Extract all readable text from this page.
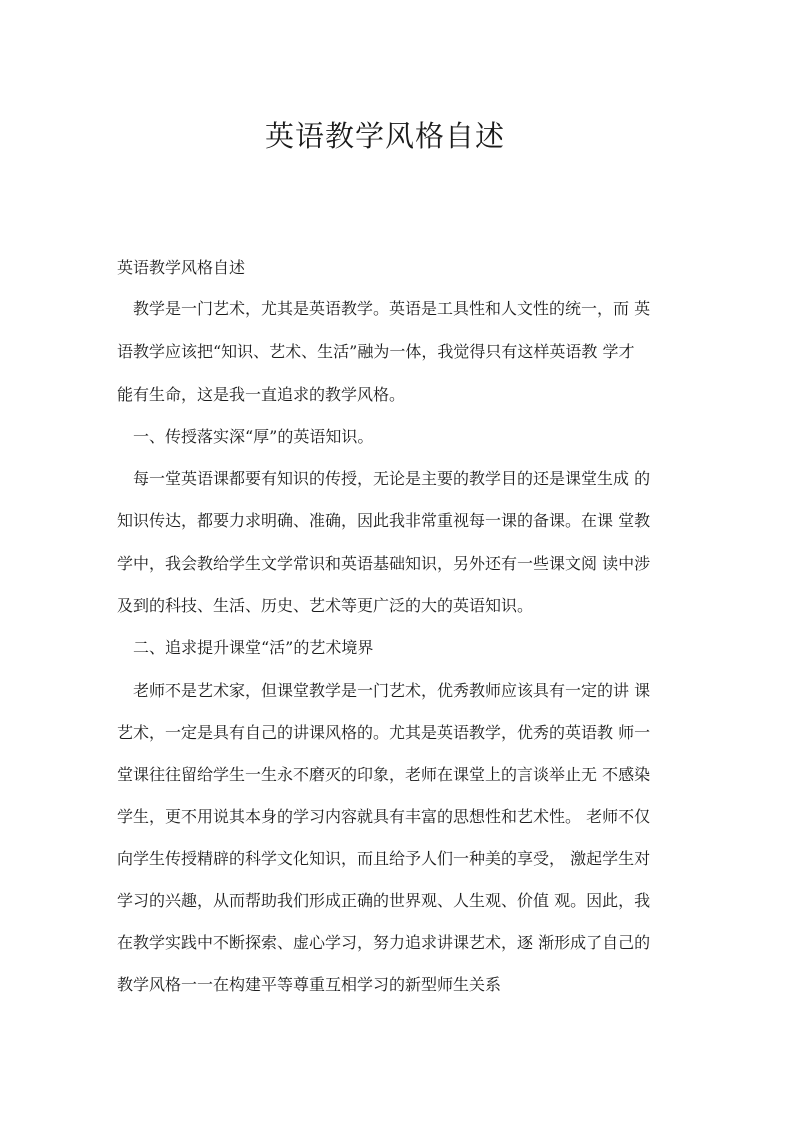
英语教学风格自述

英语教学风格自述

教学是一门艺术，尤其是英语教学。英语是工具性和人文性的统一，而 英

语教学应该把“知识、艺术、生活”融为一体，我觉得只有这样英语教 学才

能有生命，这是我一直追求的教学风格。

一、传授落实深“厚”的英语知识。

每一堂英语课都要有知识的传授，无论是主要的教学目的还是课堂生成 的

知识传达，都要力求明确、准确，因此我非常重视每一课的备课。在课 堂教

学中，我会教给学生文学常识和英语基础知识，另外还有一些课文阅 读中涉

及到的科技、生活、历史、艺术等更广泛的大的英语知识。

二、追求提升课堂“活”的艺术境界

老师不是艺术家，但课堂教学是一门艺术，优秀教师应该具有一定的讲 课

艺术，一定是具有自己的讲课风格的。尤其是英语教学，优秀的英语教 师一

堂课往往留给学生一生永不磨灭的印象，老师在课堂上的言谈举止无 不感染

学生，更不用说其本身的学习内容就具有丰富的思想性和艺术性。 老师不仅

向学生传授精辟的科学文化知识，而且给予人们一种美的享受， 激起学生对

学习的兴趣，从而帮助我们形成正确的世界观、人生观、价值 观。因此，我

在教学实践中不断探索、虚心学习，努力追求讲课艺术，逐 渐形成了自己的

教学风格一一在构建平等尊重互相学习的新型师生关系
